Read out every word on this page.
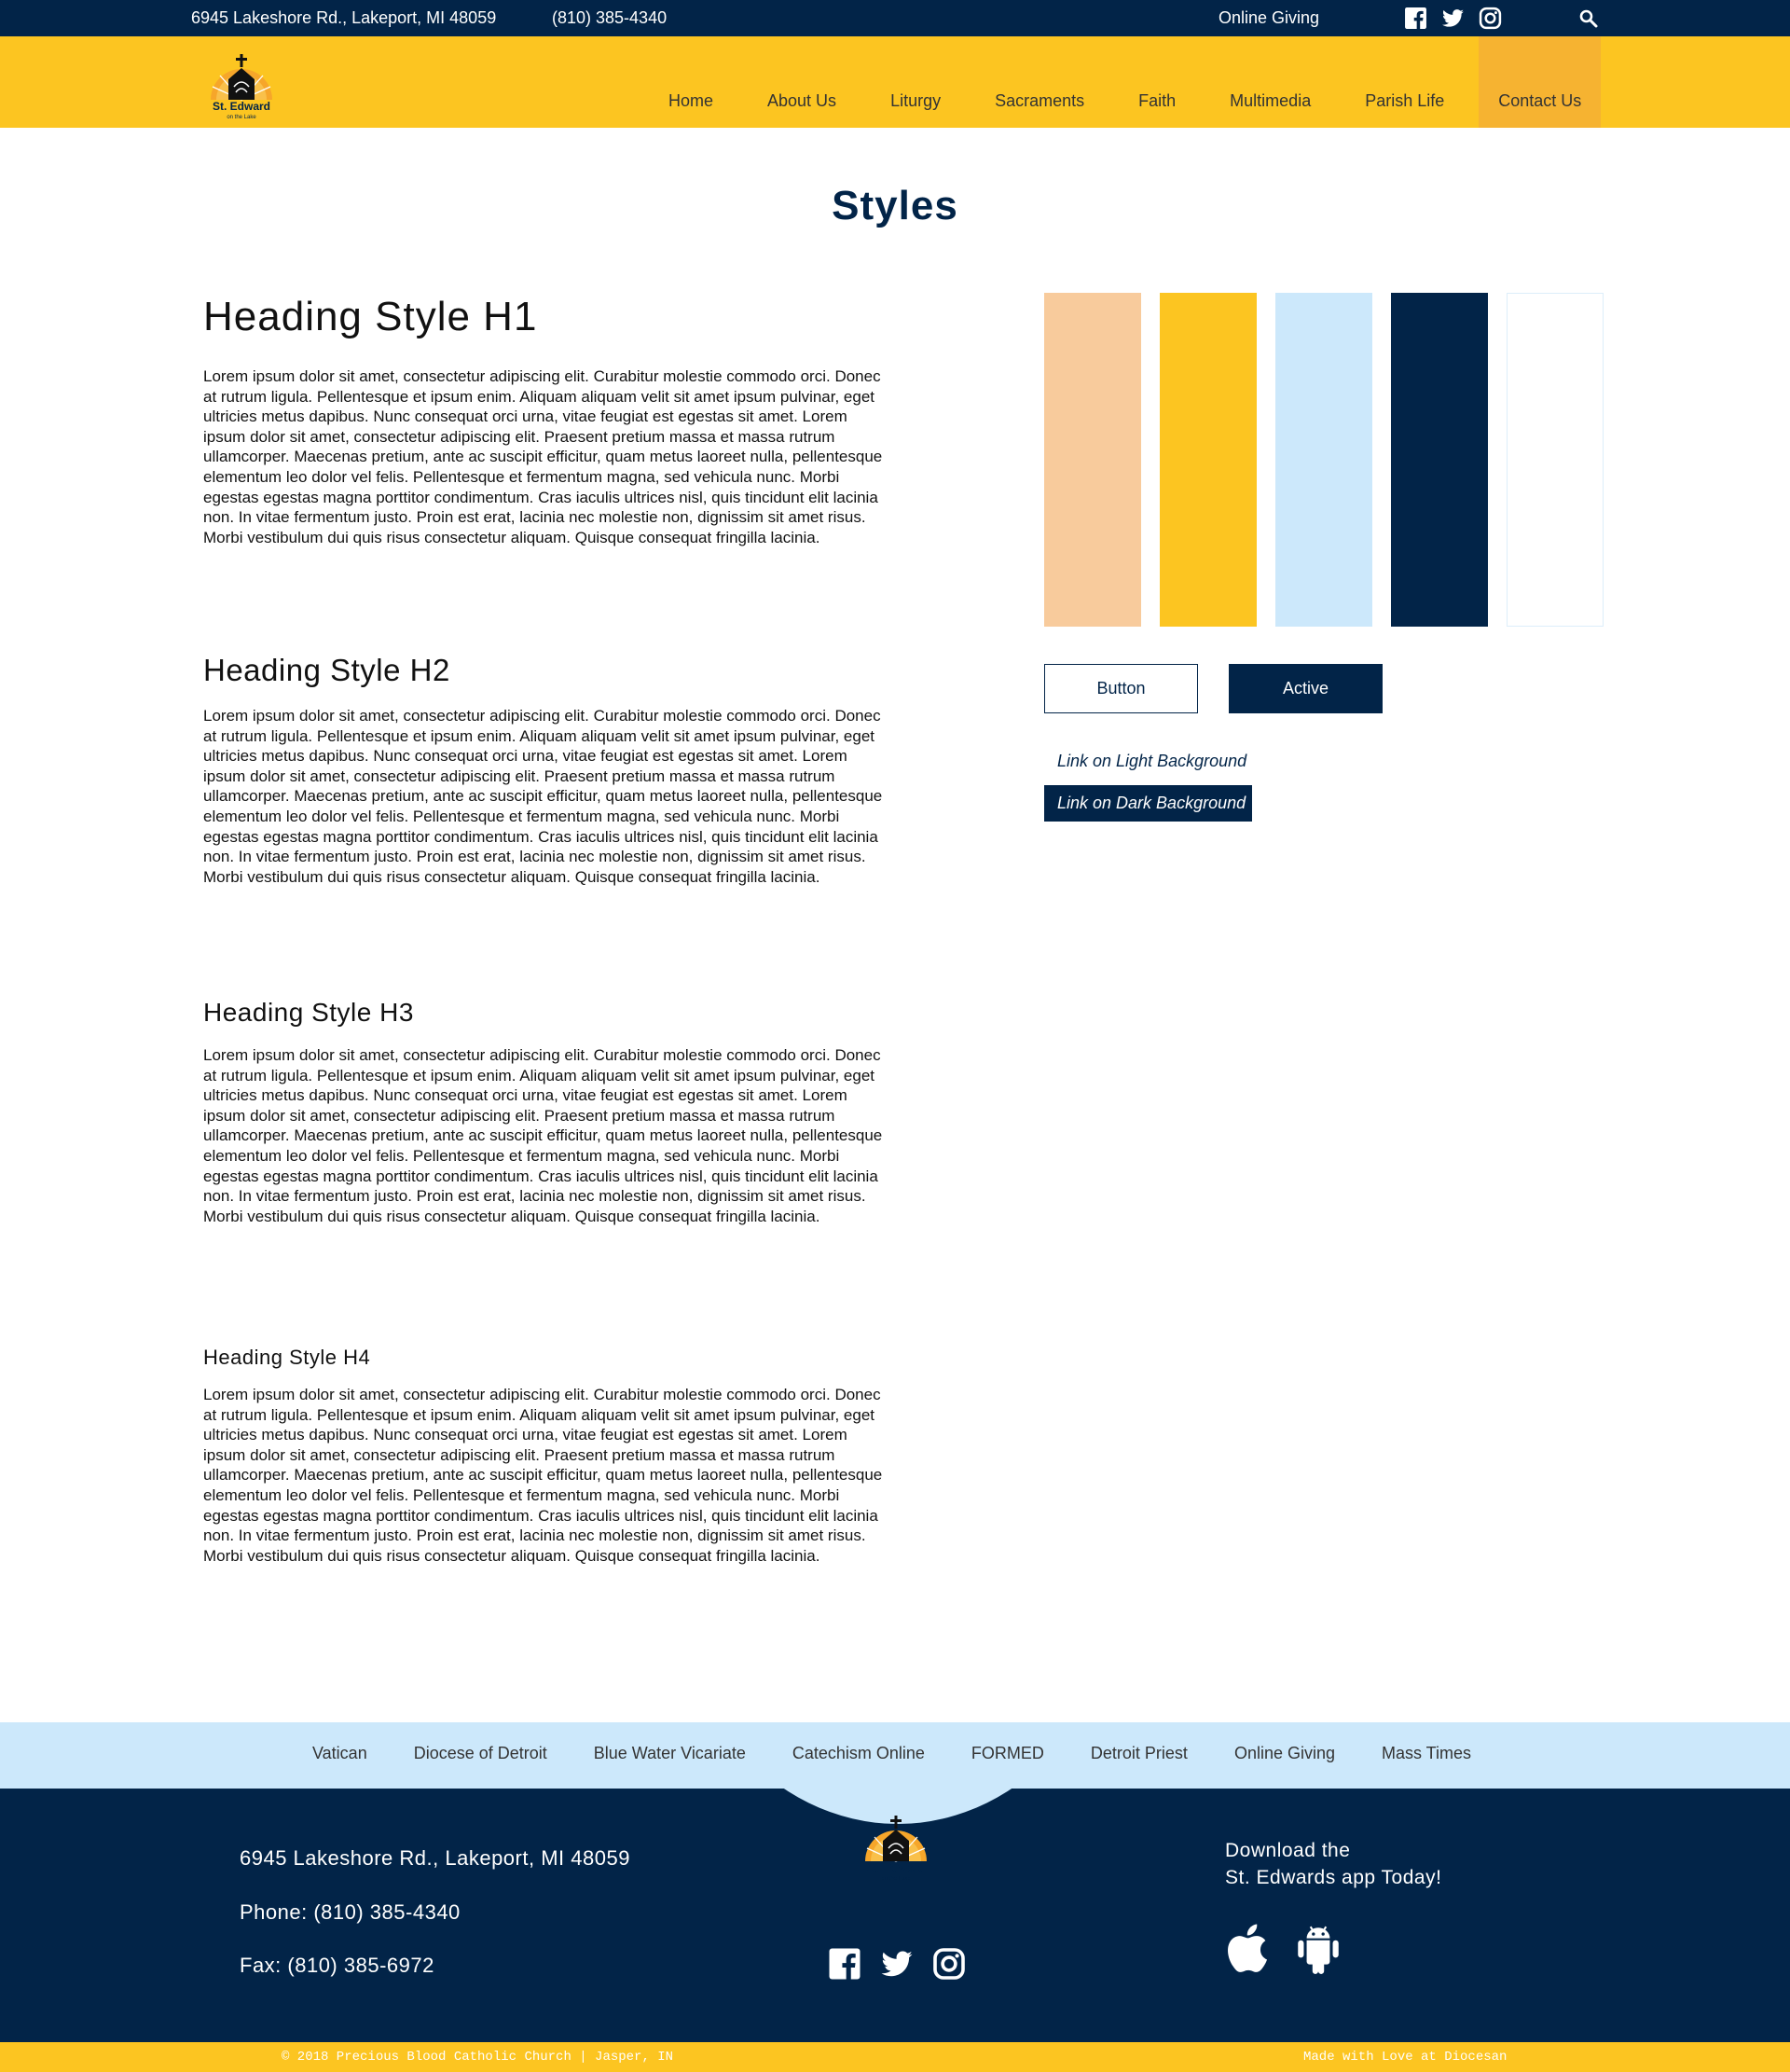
6945 Lakeshore Rd., Lakeport, MI 48059	(810) 385-4340	Online Giving
St. Edward
on the Lake
Home	About Us	Liturgy	Sacraments	Faith	Multimedia	Parish Life	Contact Us
Styles
Heading Style H1

Lorem ipsum dolor sit amet, consectetur adipiscing elit. Curabitur molestie commodo orci. Donec at rutrum ligula. Pellentesque et ipsum enim. Aliquam aliquam velit sit amet ipsum pulvinar, eget ultricies metus dapibus. Nunc consequat orci urna, vitae feugiat est egestas sit amet. Lorem ipsum dolor sit amet, consectetur adipiscing elit. Praesent pretium massa et massa rutrum ullamcorper. Maecenas pretium, ante ac suscipit efficitur, quam metus laoreet nulla, pellentesque elementum leo dolor vel felis. Pellentesque et fermentum magna, sed vehicula nunc. Morbi egestas egestas magna porttitor condimentum. Cras iaculis ultrices nisl, quis tincidunt elit lacinia non. In vitae fermentum justo. Proin est erat, lacinia nec molestie non, dignissim sit amet risus. Morbi vestibulum dui quis risus consectetur aliquam. Quisque consequat fringilla lacinia.

Heading Style H2

Lorem ipsum dolor sit amet, consectetur adipiscing elit. Curabitur molestie commodo orci. Donec at rutrum ligula. Pellentesque et ipsum enim. Aliquam aliquam velit sit amet ipsum pulvinar, eget ultricies metus dapibus. Nunc consequat orci urna, vitae feugiat est egestas sit amet. Lorem ipsum dolor sit amet, consectetur adipiscing elit. Praesent pretium massa et massa rutrum ullamcorper. Maecenas pretium, ante ac suscipit efficitur, quam metus laoreet nulla, pellentesque elementum leo dolor vel felis. Pellentesque et fermentum magna, sed vehicula nunc. Morbi egestas egestas magna porttitor condimentum. Cras iaculis ultrices nisl, quis tincidunt elit lacinia non. In vitae fermentum justo. Proin est erat, lacinia nec molestie non, dignissim sit amet risus. Morbi vestibulum dui quis risus consectetur aliquam. Quisque consequat fringilla lacinia.

Heading Style H3

Lorem ipsum dolor sit amet, consectetur adipiscing elit. Curabitur molestie commodo orci. Donec at rutrum ligula. Pellentesque et ipsum enim. Aliquam aliquam velit sit amet ipsum pulvinar, eget ultricies metus dapibus. Nunc consequat orci urna, vitae feugiat est egestas sit amet. Lorem ipsum dolor sit amet, consectetur adipiscing elit. Praesent pretium massa et massa rutrum ullamcorper. Maecenas pretium, ante ac suscipit efficitur, quam metus laoreet nulla, pellentesque elementum leo dolor vel felis. Pellentesque et fermentum magna, sed vehicula nunc. Morbi egestas egestas magna porttitor condimentum. Cras iaculis ultrices nisl, quis tincidunt elit lacinia non. In vitae fermentum justo. Proin est erat, lacinia nec molestie non, dignissim sit amet risus. Morbi vestibulum dui quis risus consectetur aliquam. Quisque consequat fringilla lacinia.

Heading Style H4

Lorem ipsum dolor sit amet, consectetur adipiscing elit. Curabitur molestie commodo orci. Donec at rutrum ligula. Pellentesque et ipsum enim. Aliquam aliquam velit sit amet ipsum pulvinar, eget ultricies metus dapibus. Nunc consequat orci urna, vitae feugiat est egestas sit amet. Lorem ipsum dolor sit amet, consectetur adipiscing elit. Praesent pretium massa et massa rutrum ullamcorper. Maecenas pretium, ante ac suscipit efficitur, quam metus laoreet nulla, pellentesque elementum leo dolor vel felis. Pellentesque et fermentum magna, sed vehicula nunc. Morbi egestas egestas magna porttitor condimentum. Cras iaculis ultrices nisl, quis tincidunt elit lacinia non. In vitae fermentum justo. Proin est erat, lacinia nec molestie non, dignissim sit amet risus. Morbi vestibulum dui quis risus consectetur aliquam. Quisque consequat fringilla lacinia.

Button	Active
Link on Light Background
Link on Dark Background
Vatican	Diocese of Detroit	Blue Water Vicariate	Catechism Online	FORMED	Detroit Priest	Online Giving	Mass Times
St. Edward
on the Lake
6945 Lakeshore Rd., Lakeport, MI 48059
Phone: (810) 385-4340
Fax: (810) 385-6972
Download the
St. Edwards app Today!
© 2018 Precious Blood Catholic Church | Jasper, IN	Made with Love at Diocesan
